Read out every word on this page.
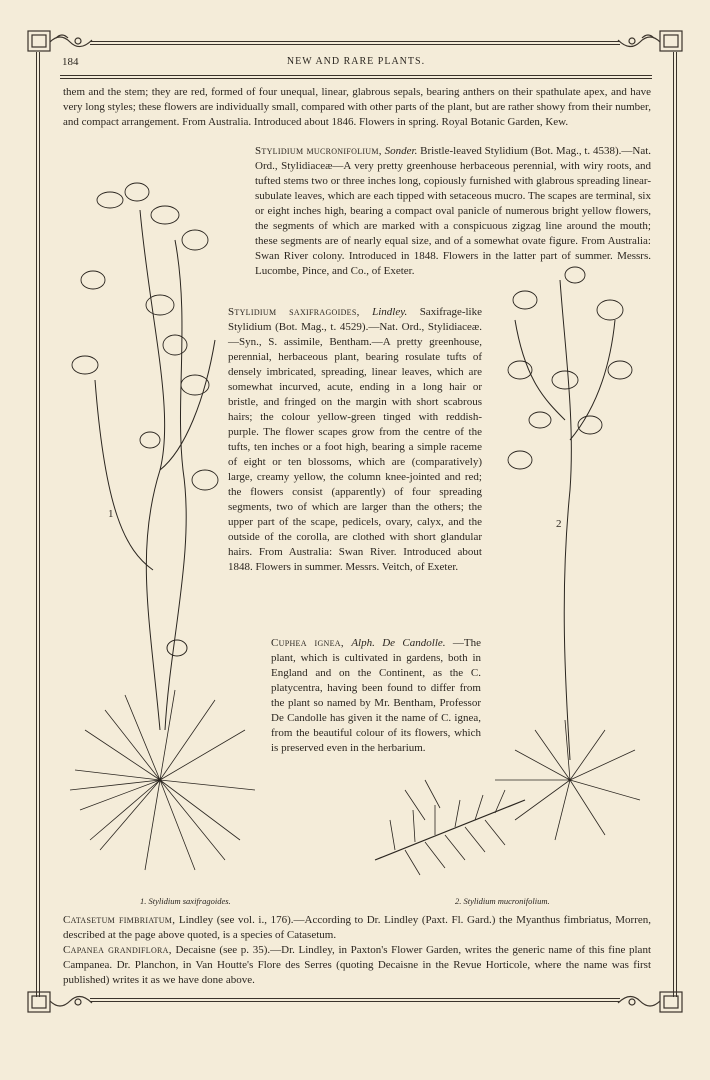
184	NEW AND RARE PLANTS.

them and the stem; they are red, formed of four unequal, linear, glabrous sepals, bearing anthers on their spathulate apex, and have very long styles; these flowers are individually small, compared with other parts of the plant, but are rather showy from their number, and compact arrangement. From Australia. Introduced about 1846. Flowers in spring. Royal Botanic Garden, Kew.

Stylidium mucronifolium, Sonder. Bristle-leaved Stylidium (Bot. Mag., t. 4538).—Nat. Ord., Stylidiaceæ—A very pretty greenhouse herbaceous perennial, with wiry roots, and tufted stems two or three inches long, copiously furnished with glabrous spreading linear-subulate leaves, which are each tipped with setaceous mucro. The scapes are terminal, six or eight inches high, bearing a compact oval panicle of numerous bright yellow flowers, the segments of which are marked with a conspicuous zigzag line around the mouth; these segments are of nearly equal size, and of a somewhat ovate figure. From Australia: Swan River colony. Introduced in 1848. Flowers in the latter part of summer. Messrs. Lucombe, Pince, and Co., of Exeter.

Stylidium saxifragoides, Lindley. Saxifrage-like Stylidium (Bot. Mag., t. 4529).—Nat. Ord., Stylidiaceæ.—Syn., S. assimile, Bentham.—A pretty greenhouse, perennial, herbaceous plant, bearing rosulate tufts of densely imbricated, spreading, linear leaves, which are somewhat incurved, acute, ending in a long hair or bristle, and fringed on the margin with short scabrous hairs; the colour yellow-green tinged with reddish-purple. The flower scapes grow from the centre of the tufts, ten inches or a foot high, bearing a simple raceme of eight or ten blossoms, which are (comparatively) large, creamy yellow, the column knee-jointed and red; the flowers consist (apparently) of four spreading segments, two of which are larger than the others; the upper part of the scape, pedicels, ovary, calyx, and the outside of the corolla, are clothed with short glandular hairs. From Australia: Swan River. Introduced about 1848. Flowers in summer. Messrs. Veitch, of Exeter.

Cuphea ignea, Alph. De Candolle. —The plant, which is cultivated in gardens, both in England and on the Continent, as the C. platycentra, having been found to differ from the plant so named by Mr. Bentham, Professor De Candolle has given it the name of C. ignea, from the beautiful colour of its flowers, which is preserved even in the herbarium.

1
2
1. Stylidium saxifragoides.	2. Stylidium mucronifolium.

Catasetum fimbriatum, Lindley (see vol. i., 176).—According to Dr. Lindley (Paxt. Fl. Gard.) the Myanthus fimbriatus, Morren, described at the page above quoted, is a species of Catasetum.

Capanea grandiflora, Decaisne (see p. 35).—Dr. Lindley, in Paxton's Flower Garden, writes the generic name of this fine plant Campanea. Dr. Planchon, in Van Houtte's Flore des Serres (quoting Decaisne in the Revue Horticole, where the name was first published) writes it as we have done above.
